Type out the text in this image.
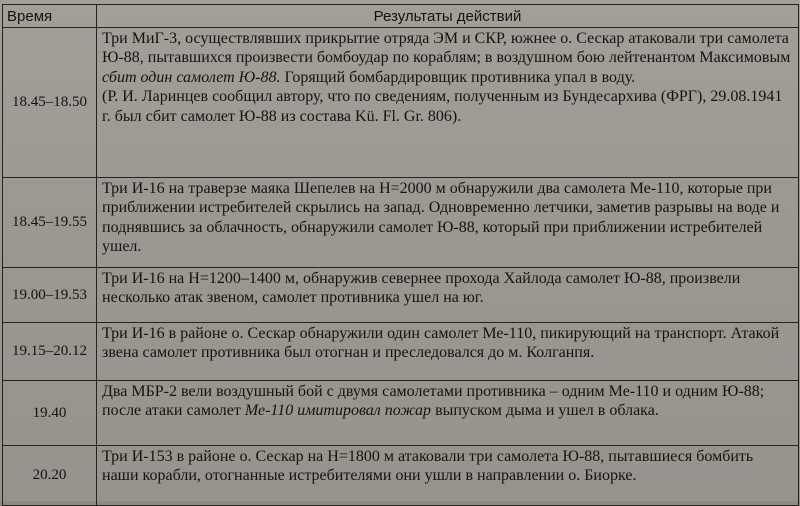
Время	Результаты действий
18.45–18.50	Три МиГ-3, осуществлявших прикрытие отряда ЭМ и СКР, южнее о. Сескар атаковали три самолета Ю-88, пытавшихся произвести бомбоудар по кораблям; в воздушном бою лейтенантом Максимовым сбит один самолет Ю-88. Горящий бомбардировщик противника упал в воду.

(Р. И. Ларинцев сообщил автору, что по сведениям, полученным из Бундесархива (ФРГ), 29.08.1941 г. был сбит самолет Ю-88 из состава Kü. Fl. Gr. 806).

18.45–19.55	Три И-16 на траверзе маяка Шепелев на Н=2000 м обнаружили два самолета Ме-110, которые при приближении истребителей скрылись на запад. Одновременно летчики, заметив разрывы на воде и поднявшись за облачность, обнаружили самолет Ю-88, который при приближении истребителей ушел.
19.00–19.53	Три И-16 на Н=1200–1400 м, обнаружив севернее прохода Хайлода самолет Ю-88, произвели несколько атак звеном, самолет противника ушел на юг.
19.15–20.12	Три И-16 в районе о. Сескар обнаружили один самолет Ме-110, пикирующий на транспорт. Атакой звена самолет противника был отогнан и преследовался до м. Колганпя.
19.40	Два МБР-2 вели воздушный бой с двумя самолетами противника – одним Ме-110 и одним Ю-88; после атаки самолет Ме-110 имитировал пожар выпуском дыма и ушел в облака.
20.20	Три И-153 в районе о. Сескар на Н=1800 м атаковали три самолета Ю-88, пытавшиеся бомбить наши корабли, отогнанные истребителями они ушли в направлении о. Биорке.
